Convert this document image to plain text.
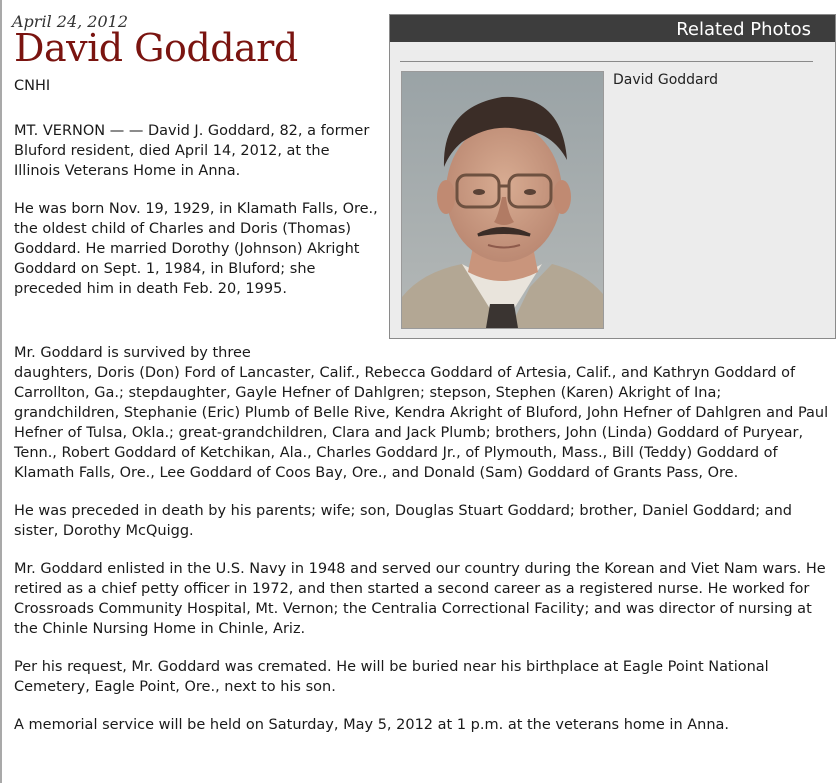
April 24, 2012

David Goddard

CNHI

MT. VERNON — — David J. Goddard, 82, a former Bluford resident, died April 14, 2012, at the Illinois Veterans Home in Anna.

He was born Nov. 19, 1929, in Klamath Falls, Ore., the oldest child of Charles and Doris (Thomas) Goddard. He married Dorothy (Johnson) Akright Goddard on Sept. 1, 1984, in Bluford; she preceded him in death Feb. 20, 1995.

Mr. Goddard is survived by three
daughters, Doris (Don) Ford of Lancaster, Calif., Rebecca Goddard of Artesia, Calif., and Kathryn Goddard of Carrollton, Ga.; stepdaughter, Gayle Hefner of Dahlgren; stepson, Stephen (Karen) Akright of Ina; grandchildren, Stephanie (Eric) Plumb of Belle Rive, Kendra Akright of Bluford, John Hefner of Dahlgren and Paul Hefner of Tulsa, Okla.; great-grandchildren, Clara and Jack Plumb; brothers, John (Linda) Goddard of Puryear, Tenn., Robert Goddard of Ketchikan, Ala., Charles Goddard Jr., of Plymouth, Mass., Bill (Teddy) Goddard of Klamath Falls, Ore., Lee Goddard of Coos Bay, Ore., and Donald (Sam) Goddard of Grants Pass, Ore.

He was preceded in death by his parents; wife; son, Douglas Stuart Goddard; brother, Daniel Goddard; and sister, Dorothy McQuigg.

Mr. Goddard enlisted in the U.S. Navy in 1948 and served our country during the Korean and Viet Nam wars. He retired as a chief petty officer in 1972, and then started a second career as a registered nurse. He worked for Crossroads Community Hospital, Mt. Vernon; the Centralia Correctional Facility; and was director of nursing at the Chinle Nursing Home in Chinle, Ariz.

Per his request, Mr. Goddard was cremated. He will be buried near his birthplace at Eagle Point National Cemetery, Eagle Point, Ore., next to his son.

A memorial service will be held on Saturday, May 5, 2012 at 1 p.m. at the veterans home in Anna.

Related Photos
David Goddard
